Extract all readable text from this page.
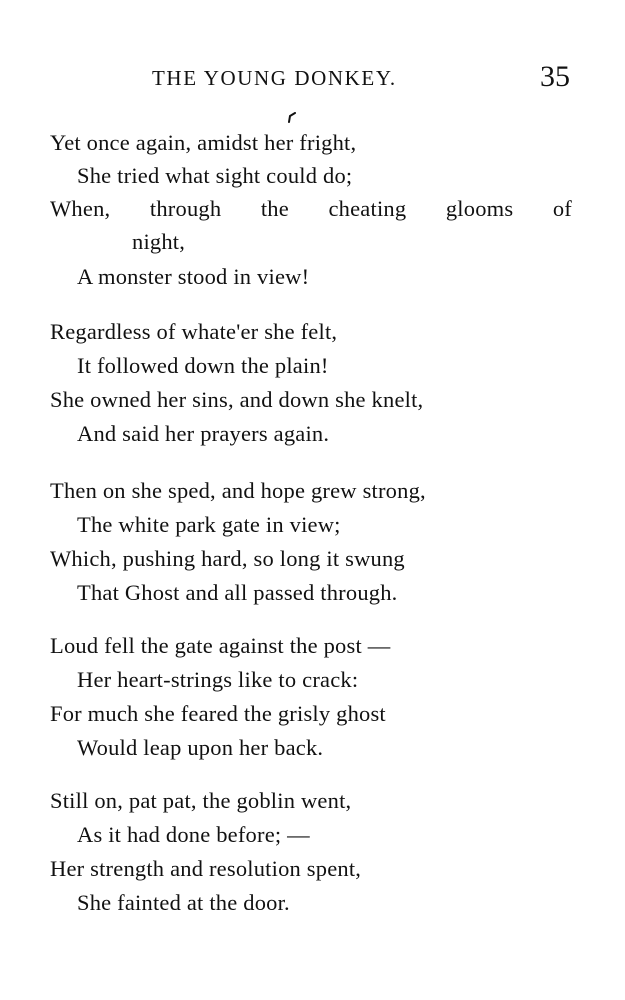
THE YOUNG DONKEY.	35
Yet once again, amidst her fright,
She tried what sight could do;
When, through the cheating glooms of
night,
A monster stood in view!
Regardless of whate'er she felt,
It followed down the plain!
She owned her sins, and down she knelt,
And said her prayers again.
Then on she sped, and hope grew strong,
The white park gate in view;
Which, pushing hard, so long it swung
That Ghost and all passed through.
Loud fell the gate against the post —
Her heart-strings like to crack:
For much she feared the grisly ghost
Would leap upon her back.
Still on, pat pat, the goblin went,
As it had done before; —
Her strength and resolution spent,
She fainted at the door.
